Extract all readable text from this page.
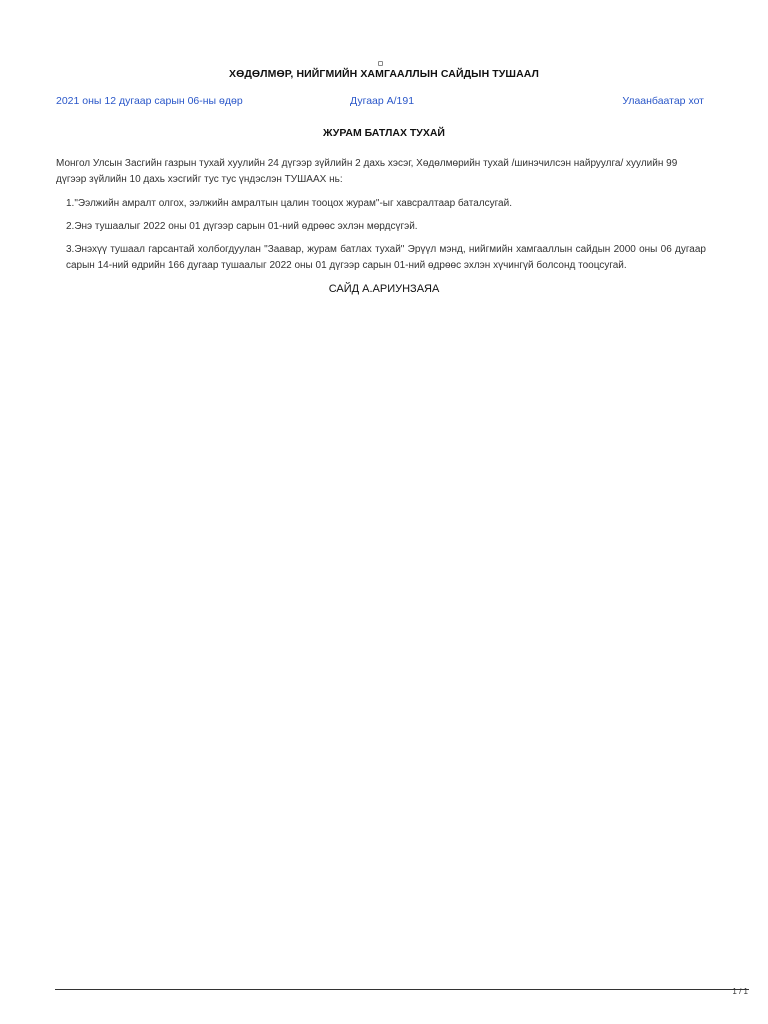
ХӨДӨЛМӨР, НИЙГМИЙН ХАМГААЛЛЫН САЙДЫН ТУШААЛ
2021 оны 12 дугаар сарын 06-ны өдөр	Дугаар А/191	Улаанбаатар хот
ЖУРАМ БАТЛАХ ТУХАЙ
Монгол Улсын Засгийн газрын тухай хуулийн 24 дүгээр зүйлийн 2 дахь хэсэг, Хөдөлмөрийн тухай /шинэчилсэн найруулга/ хуулийн 99 дүгээр зүйлийн 10 дахь хэсгийг тус тус үндэслэн ТУШААХ нь:
1."Ээлжийн амралт олгох, ээлжийн амралтын цалин тооцох журам"-ыг хавсралтаар баталсугай.
2.Энэ тушаалыг 2022 оны 01 дүгээр сарын 01-ний өдрөөс эхлэн мөрдсүгэй.
3.Энэхүү тушаал гарсантай холбогдуулан "Заавар, журам батлах тухай" Эрүүл мэнд, нийгмийн хамгааллын сайдын 2000 оны 06 дугаар сарын 14-ний өдрийн 166 дугаар тушаалыг 2022 оны 01 дүгээр сарын 01-ний өдрөөс эхлэн хүчингүй болсонд тооцсугай.
САЙД А.АРИУНЗАЯА
1 / 1
